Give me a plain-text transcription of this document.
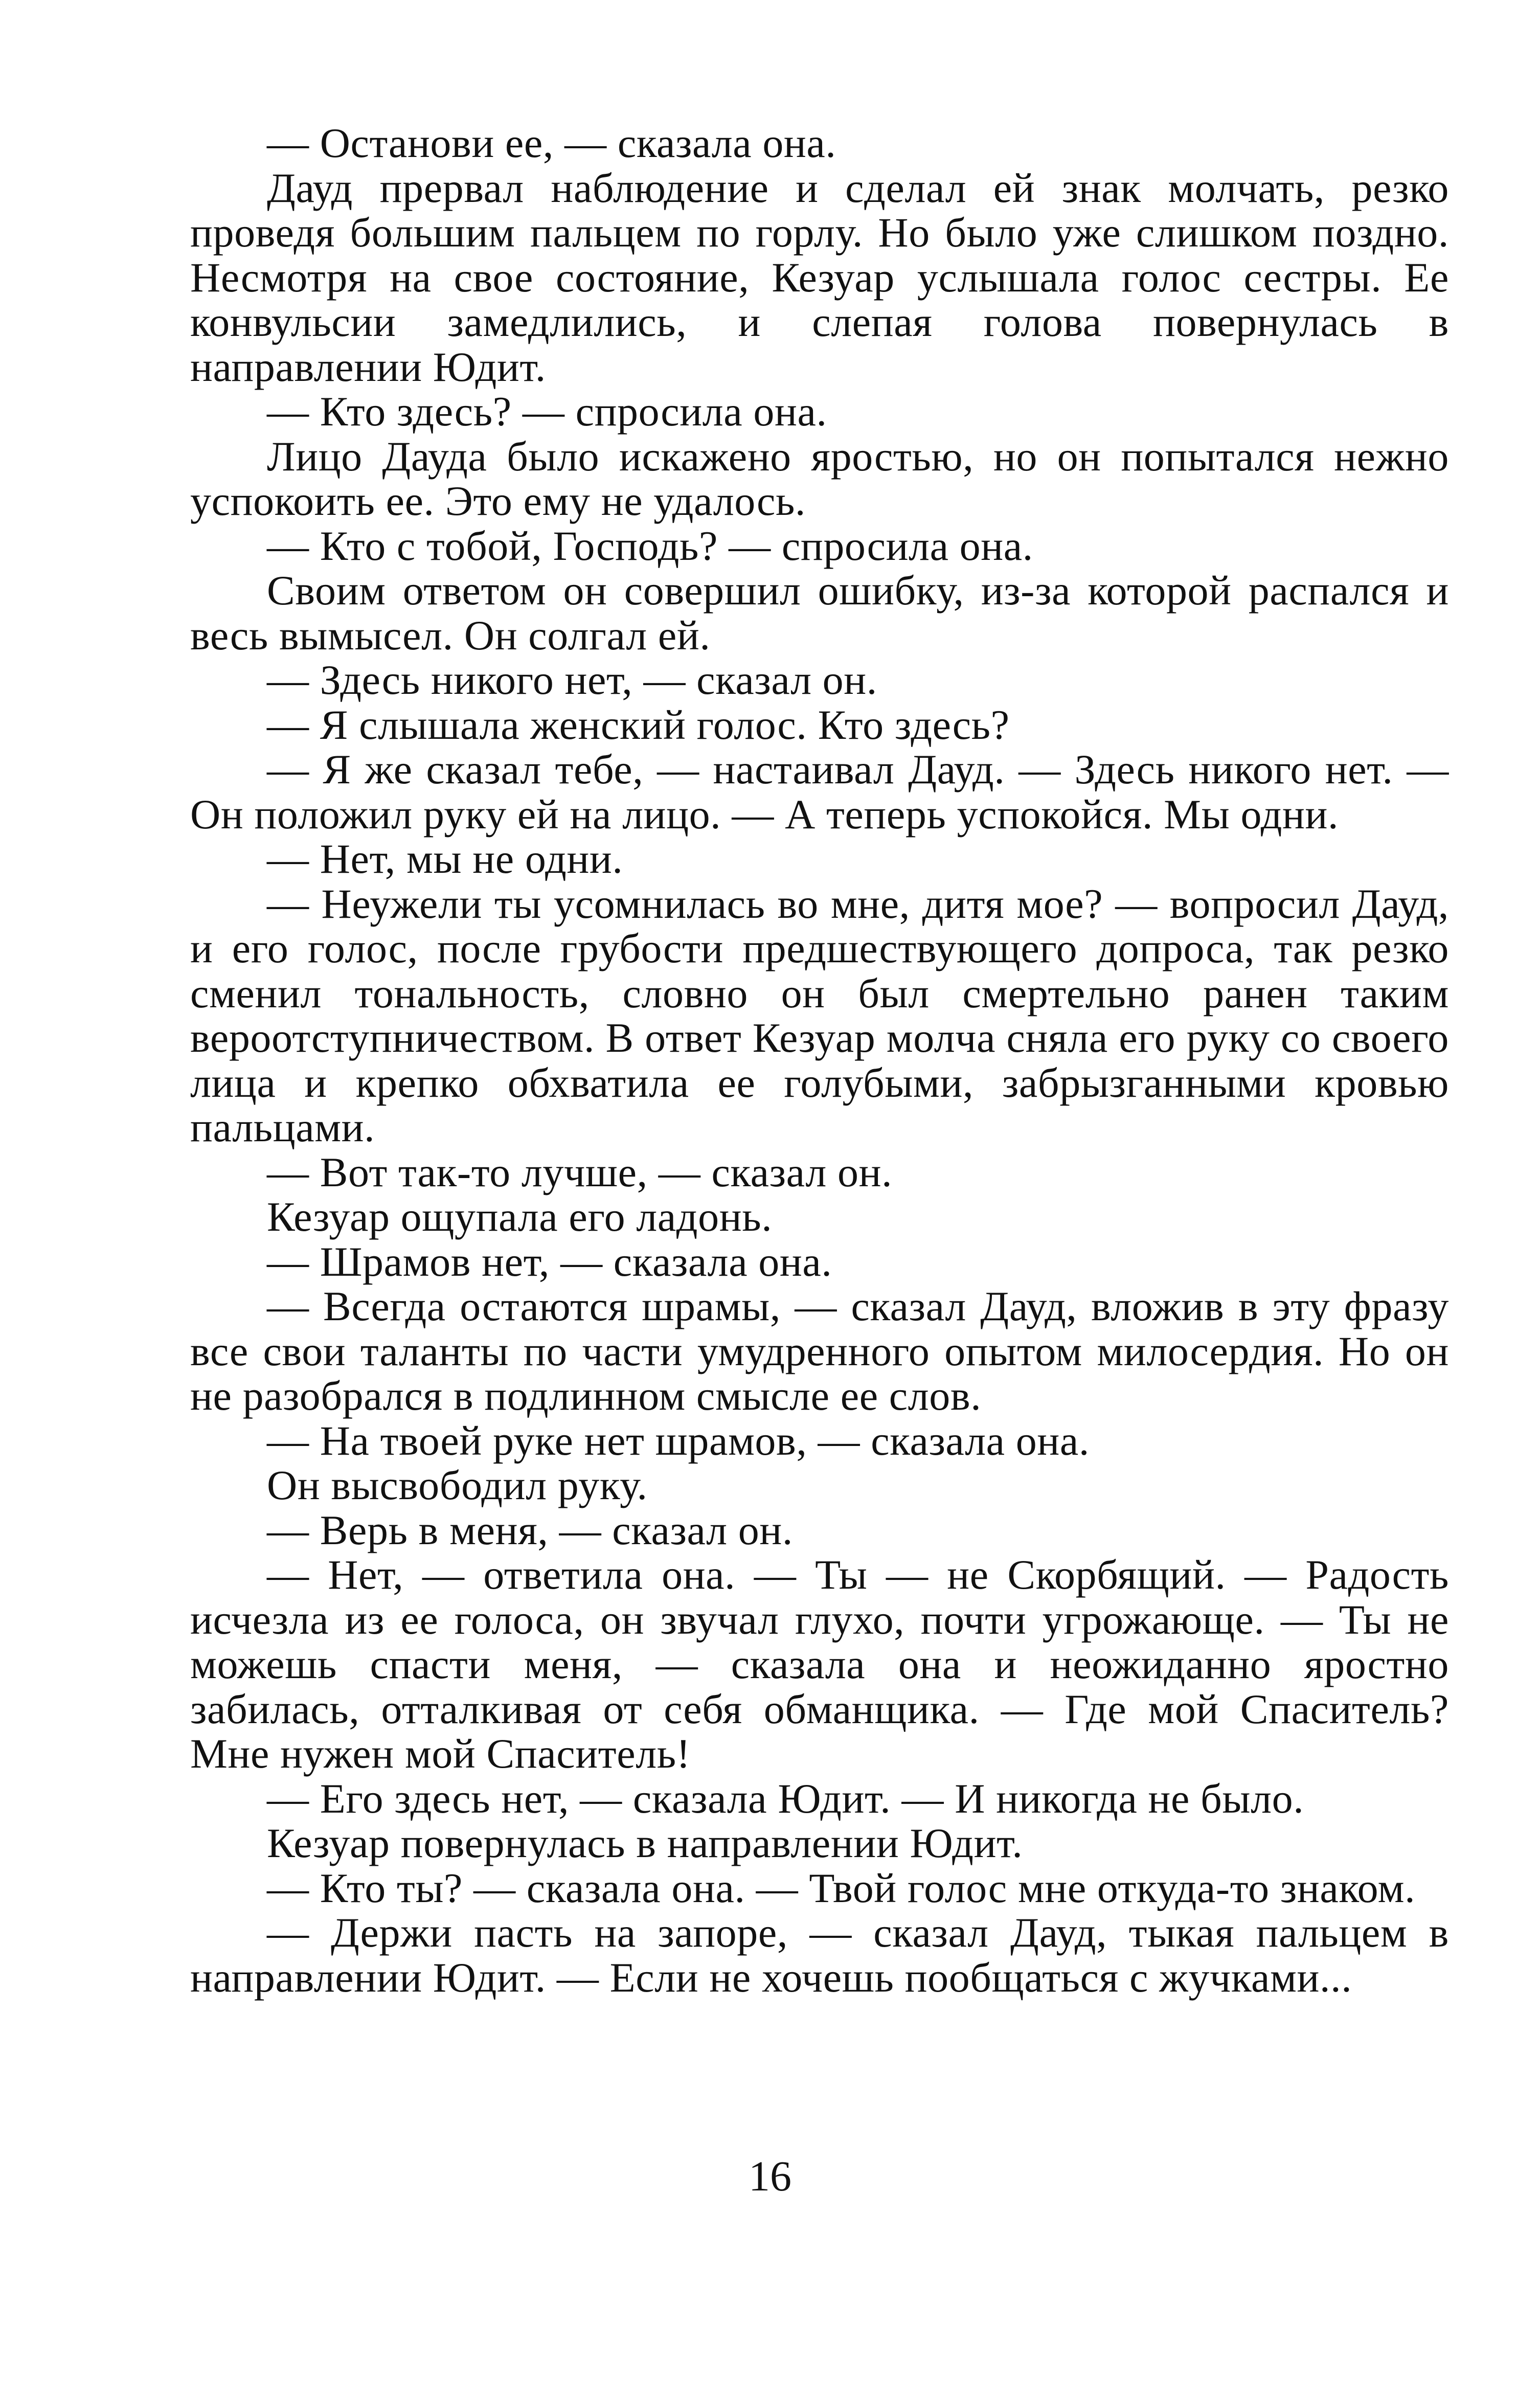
— Останови ее, — сказала она.

Дауд прервал наблюдение и сделал ей знак молчать, резко проведя большим пальцем по горлу. Но было уже слишком поздно. Несмотря на свое состояние, Кезуар услышала голос сестры. Ее конвульсии замедлились, и слепая голова повернулась в направлении Юдит.

— Кто здесь? — спросила она.

Лицо Дауда было искажено яростью, но он попытался нежно успокоить ее. Это ему не удалось.

— Кто с тобой, Господь? — спросила она.

Своим ответом он совершил ошибку, из-за которой распался и весь вымысел. Он солгал ей.

— Здесь никого нет, — сказал он.

— Я слышала женский голос. Кто здесь?

— Я же сказал тебе, — настаивал Дауд. — Здесь никого нет. — Он положил руку ей на лицо. — А теперь успокойся. Мы одни.

— Нет, мы не одни.

— Неужели ты усомнилась во мне, дитя мое? — вопросил Дауд, и его голос, после грубости предшествующего допроса, так резко сменил тональность, словно он был смертельно ранен таким вероотступничеством. В ответ Кезуар молча сняла его руку со своего лица и крепко обхватила ее голубыми, забрызганными кровью пальцами.

— Вот так-то лучше, — сказал он.

Кезуар ощупала его ладонь.

— Шрамов нет, — сказала она.

— Всегда остаются шрамы, — сказал Дауд, вложив в эту фразу все свои таланты по части умудренного опытом милосердия. Но он не разобрался в подлинном смысле ее слов.

— На твоей руке нет шрамов, — сказала она.

Он высвободил руку.

— Верь в меня, — сказал он.

— Нет, — ответила она. — Ты — не Скорбящий. — Радость исчезла из ее голоса, он звучал глухо, почти угрожающе. — Ты не можешь спасти меня, — сказала она и неожиданно яростно забилась, отталкивая от себя обманщика. — Где мой Спаситель? Мне нужен мой Спаситель!

— Его здесь нет, — сказала Юдит. — И никогда не было.

Кезуар повернулась в направлении Юдит.

— Кто ты? — сказала она. — Твой голос мне откуда-то знаком.

— Держи пасть на запоре, — сказал Дауд, тыкая пальцем в направлении Юдит. — Если не хочешь пообщаться с жучками...

16
